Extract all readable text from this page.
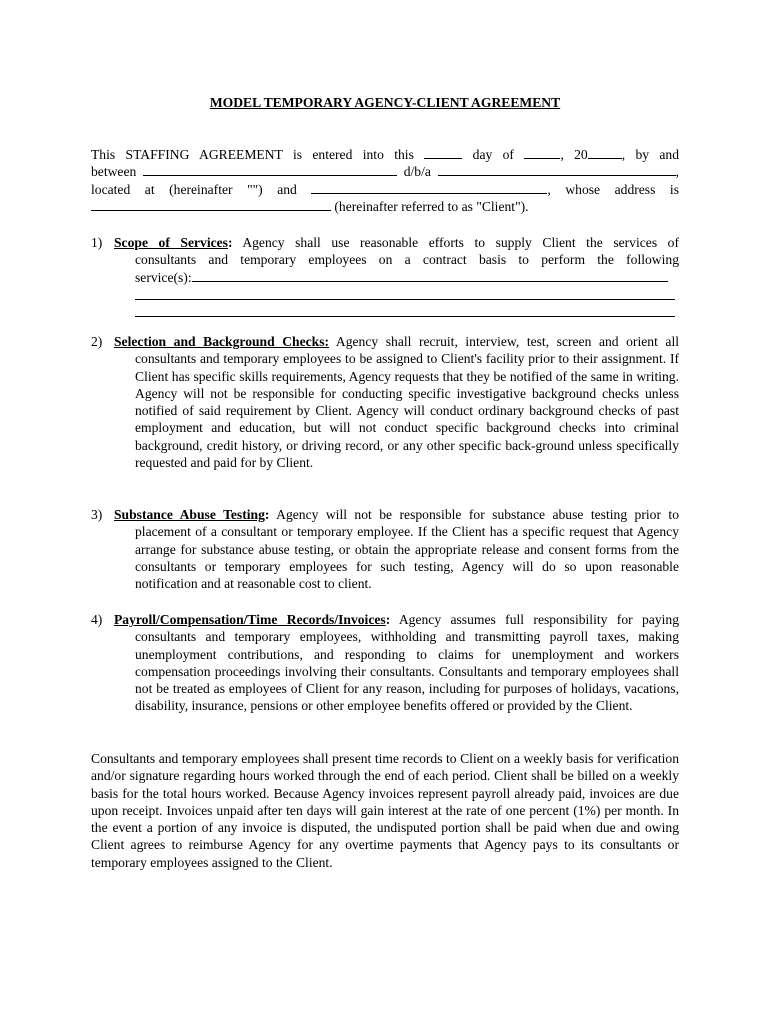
MODEL TEMPORARY AGENCY-CLIENT AGREEMENT
This STAFFING AGREEMENT is entered into this	day of	, 20	, by and
between	d/b/a	,
located at (hereinafter "") and	, whose address is
(hereinafter referred to as "Client").
1) Scope of Services: Agency shall use reasonable efforts to supply Client the services of
consultants and temporary employees on a contract basis to perform the following
service(s):
2) Selection and Background Checks: Agency shall recruit, interview, test, screen and orient all consultants and temporary employees to be assigned to Client's facility prior to their assignment. If Client has specific skills requirements, Agency requests that they be notified of the same in writing. Agency will not be responsible for conducting specific investigative background checks unless notified of said requirement by Client. Agency will conduct ordinary background checks of past employment and education, but will not conduct specific background checks into criminal background, credit history, or driving record, or any other specific back-ground unless specifically requested and paid for by Client.
3) Substance Abuse Testing: Agency will not be responsible for substance abuse testing prior to placement of a consultant or temporary employee. If the Client has a specific request that Agency arrange for substance abuse testing, or obtain the appropriate release and consent forms from the consultants or temporary employees for such testing, Agency will do so upon reasonable notification and at reasonable cost to client.
4) Payroll/Compensation/Time Records/Invoices: Agency assumes full responsibility for paying consultants and temporary employees, withholding and transmitting payroll taxes, making unemployment contributions, and responding to claims for unemployment and workers compensation proceedings involving their consultants. Consultants and temporary employees shall not be treated as employees of Client for any reason, including for purposes of holidays, vacations, disability, insurance, pensions or other employee benefits offered or provided by the Client.
Consultants and temporary employees shall present time records to Client on a weekly basis for verification and/or signature regarding hours worked through the end of each period. Client shall be billed on a weekly basis for the total hours worked. Because Agency invoices represent payroll already paid, invoices are due upon receipt. Invoices unpaid after ten days will gain interest at the rate of one percent (1%) per month. In the event a portion of any invoice is disputed, the undisputed portion shall be paid when due and owing Client agrees to reimburse Agency for any overtime payments that Agency pays to its consultants or temporary employees assigned to the Client.
